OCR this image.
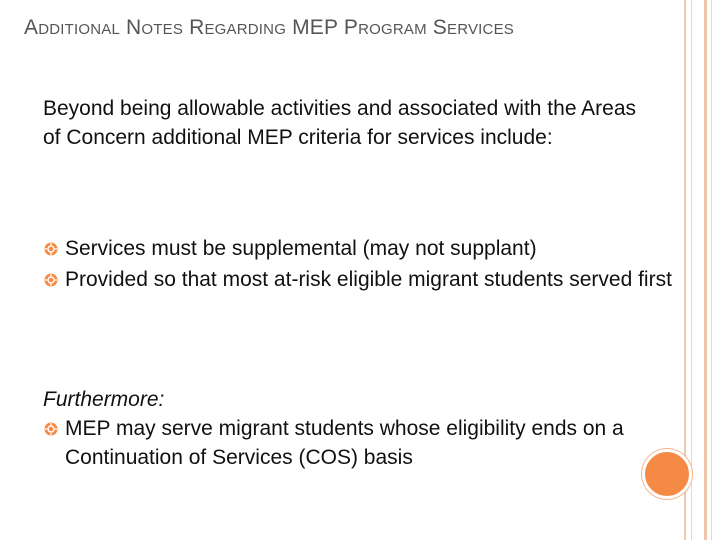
Additional Notes Regarding MEP Program Services

Beyond being allowable activities and associated with the Areas of Concern additional MEP criteria for services include:

Services must be supplemental (may not supplant)
Provided so that most at-risk eligible migrant students served first

Furthermore:

MEP may serve migrant students whose eligibility ends on a Continuation of Services (COS) basis
